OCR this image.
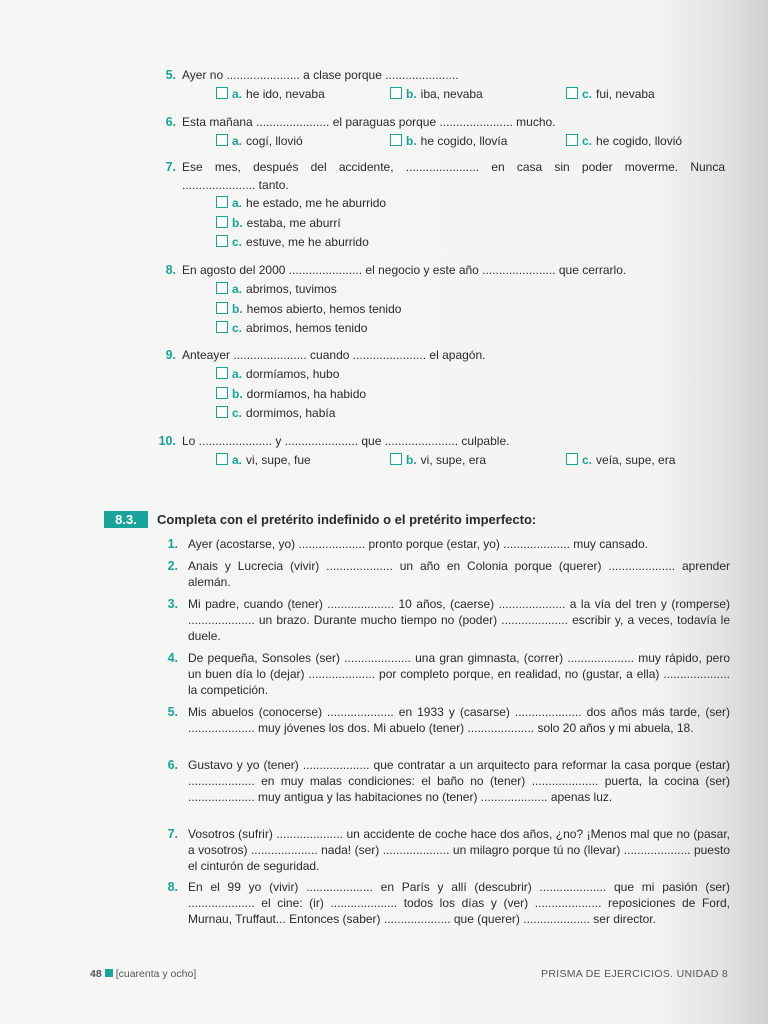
5. Ayer no ...................... a clase porque ......................
a. he ido, nevaba	b. iba, nevaba	c. fui, nevaba
6. Esta mañana ...................... el paraguas porque ...................... mucho.
a. cogí, llovió	b. he cogido, llovía	c. he cogido, llovió
7. Ese mes, después del accidente, ...................... en casa sin poder moverme. Nunca
...................... tanto.
a. he estado, me he aburrido
b. estaba, me aburrí
c. estuve, me he aburrido
8. En agosto del 2000 ...................... el negocio y este año ...................... que cerrarlo.
a. abrimos, tuvimos
b. hemos abierto, hemos tenido
c. abrimos, hemos tenido
9. Anteayer ...................... cuando ...................... el apagón.
a. dormíamos, hubo
b. dormíamos, ha habido
c. dormimos, había
10. Lo ...................... y ...................... que ...................... culpable.
a. vi, supe, fue	b. vi, supe, era	c. veía, supe, era
8.3.	Completa con el pretérito indefinido o el pretérito imperfecto:
1. Ayer (acostarse, yo) .................... pronto porque (estar, yo) .................... muy cansado.
2. Anais y Lucrecia (vivir) .................... un año en Colonia porque (querer) .................... aprender alemán.
3. Mi padre, cuando (tener) .................... 10 años, (caerse) .................... a la vía del tren y (romperse) .................... un brazo. Durante mucho tiempo no (poder) .................... escribir y, a veces, todavía le duele.
4. De pequeña, Sonsoles (ser) .................... una gran gimnasta, (correr) .................... muy rápido, pero un buen día lo (dejar) .................... por completo porque, en realidad, no (gustar, a ella) .................... la competición.
5. Mis abuelos (conocerse) .................... en 1933 y (casarse) .................... dos años más tarde, (ser) .................... muy jóvenes los dos. Mi abuelo (tener) .................... solo 20 años y mi abuela, 18.
6. Gustavo y yo (tener) .................... que contratar a un arquitecto para reformar la casa porque (estar) .................... en muy malas condiciones: el baño no (tener) .................... puerta, la cocina (ser) .................... muy antigua y las habitaciones no (tener) .................... apenas luz.
7. Vosotros (sufrir) .................... un accidente de coche hace dos años, ¿no? ¡Menos mal que no (pasar, a vosotros) .................... nada! (ser) .................... un milagro porque tú no (llevar) .................... puesto el cinturón de seguridad.
8. En el 99 yo (vivir) .................... en París y allí (descubrir) .................... que mi pasión (ser) .................... el cine: (ir) .................... todos los días y (ver) .................... reposiciones de Ford, Murnau, Truffaut... Entonces (saber) .................... que (querer) .................... ser director.
48 [cuarenta y ocho]	PRISMA DE EJERCICIOS. UNIDAD 8
